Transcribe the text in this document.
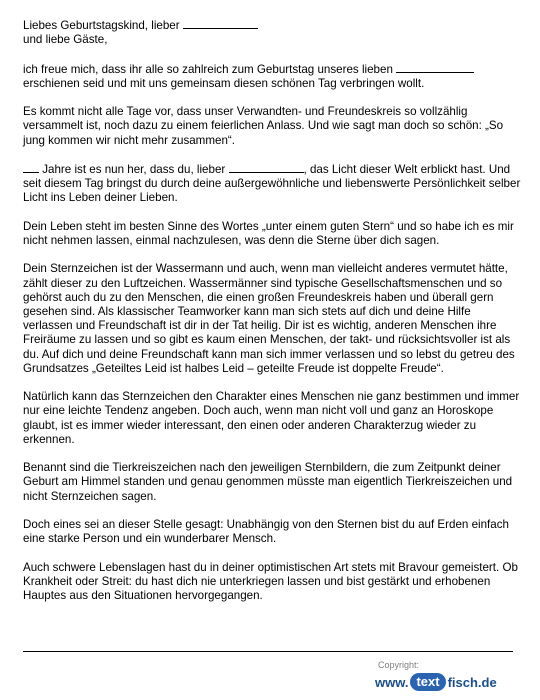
Liebes Geburtstagskind, lieber
und liebe Gäste,

ich freue mich, dass ihr alle so zahlreich zum Geburtstag unseres lieben
erschienen seid und mit uns gemeinsam diesen schönen Tag verbringen wollt.

Es kommt nicht alle Tage vor, dass unser Verwandten- und Freundeskreis so vollzählig versammelt ist, noch dazu zu einem feierlichen Anlass. Und wie sagt man doch so schön: „So jung kommen wir nicht mehr zusammen“.

Jahre ist es nun her, dass du, lieber	, das Licht dieser Welt erblickt hast. Und seit diesem Tag bringst du durch deine außergewöhnliche und liebenswerte Persönlichkeit selber Licht ins Leben deiner Lieben.

Dein Leben steht im besten Sinne des Wortes „unter einem guten Stern“ und so habe ich es mir nicht nehmen lassen, einmal nachzulesen, was denn die Sterne über dich sagen.

Dein Sternzeichen ist der Wassermann und auch, wenn man vielleicht anderes vermutet hätte, zählt dieser zu den Luftzeichen. Wassermänner sind typische Gesellschaftsmenschen und so gehörst auch du zu den Menschen, die einen großen Freundeskreis haben und überall gern gesehen sind. Als klassischer Teamworker kann man sich stets auf dich und deine Hilfe verlassen und Freundschaft ist dir in der Tat heilig. Dir ist es wichtig, anderen Menschen ihre Freiräume zu lassen und so gibt es kaum einen Menschen, der takt- und rücksichtsvoller ist als du. Auf dich und deine Freundschaft kann man sich immer verlassen und so lebst du getreu des Grundsatzes „Geteiltes Leid ist halbes Leid – geteilte Freude ist doppelte Freude“.

Natürlich kann das Sternzeichen den Charakter eines Menschen nie ganz bestimmen und immer nur eine leichte Tendenz angeben. Doch auch, wenn man nicht voll und ganz an Horoskope glaubt, ist es immer wieder interessant, den einen oder anderen Charakterzug wieder zu erkennen.

Benannt sind die Tierkreiszeichen nach den jeweiligen Sternbildern, die zum Zeitpunkt deiner Geburt am Himmel standen und genau genommen müsste man eigentlich Tierkreiszeichen und nicht Sternzeichen sagen.

Doch eines sei an dieser Stelle gesagt: Unabhängig von den Sternen bist du auf Erden einfach eine starke Person und ein wunderbarer Mensch.

Auch schwere Lebenslagen hast du in deiner optimistischen Art stets mit Bravour gemeistert. Ob Krankheit oder Streit: du hast dich nie unterkriegen lassen und bist gestärkt und erhobenen Hauptes aus den Situationen hervorgegangen.

Copyright:
www. text fisch.de
